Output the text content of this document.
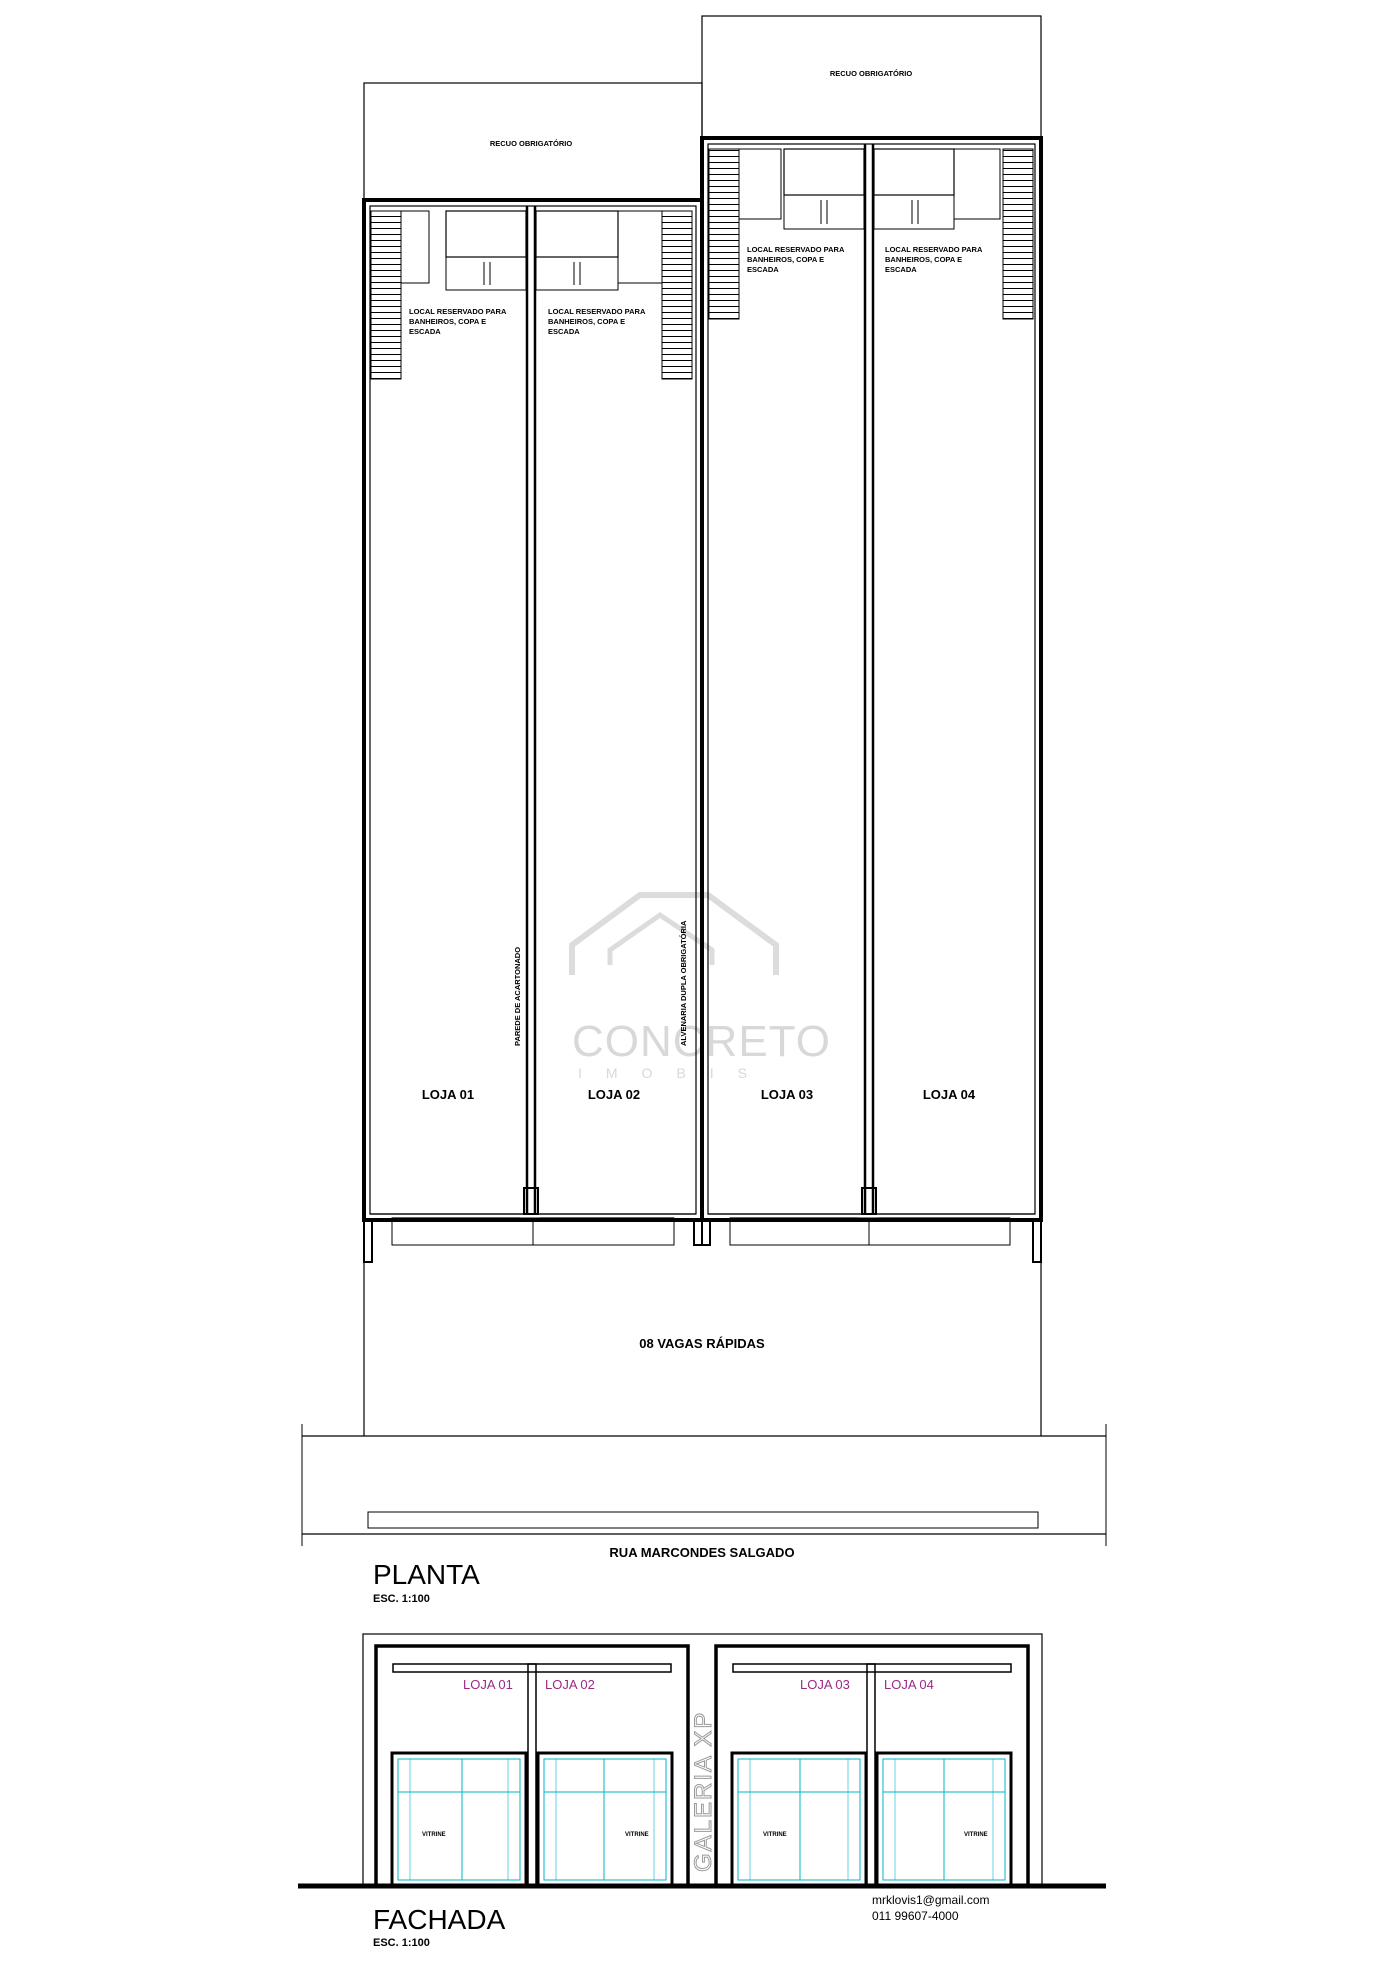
CONCRETO
IMOBIS
RECUO OBRIGATÓRIO
RECUO OBRIGATÓRIO
LOCAL RESERVADO PARA
BANHEIROS, COPA E
ESCADA
LOCAL RESERVADO PARA
BANHEIROS, COPA E
ESCADA
LOCAL RESERVADO PARA
BANHEIROS, COPA E
ESCADA
LOCAL RESERVADO PARA
BANHEIROS, COPA E
ESCADA
PAREDE DE ACARTONADO	ALVENARIA DUPLA OBRIGATÓRIA
LOJA 01	LOJA 02	LOJA 03	LOJA 04
08 VAGAS RÁPIDAS
RUA MARCONDES SALGADO
PLANTA
ESC. 1:100
VITRINE	VITRINE	VITRINE	VITRINE
LOJA 01 LOJA 02	LOJA 03	LOJA 04
GALERIA XP
FACHADA
ESC. 1:100
mrklovis1@gmail.com
011 99607-4000
